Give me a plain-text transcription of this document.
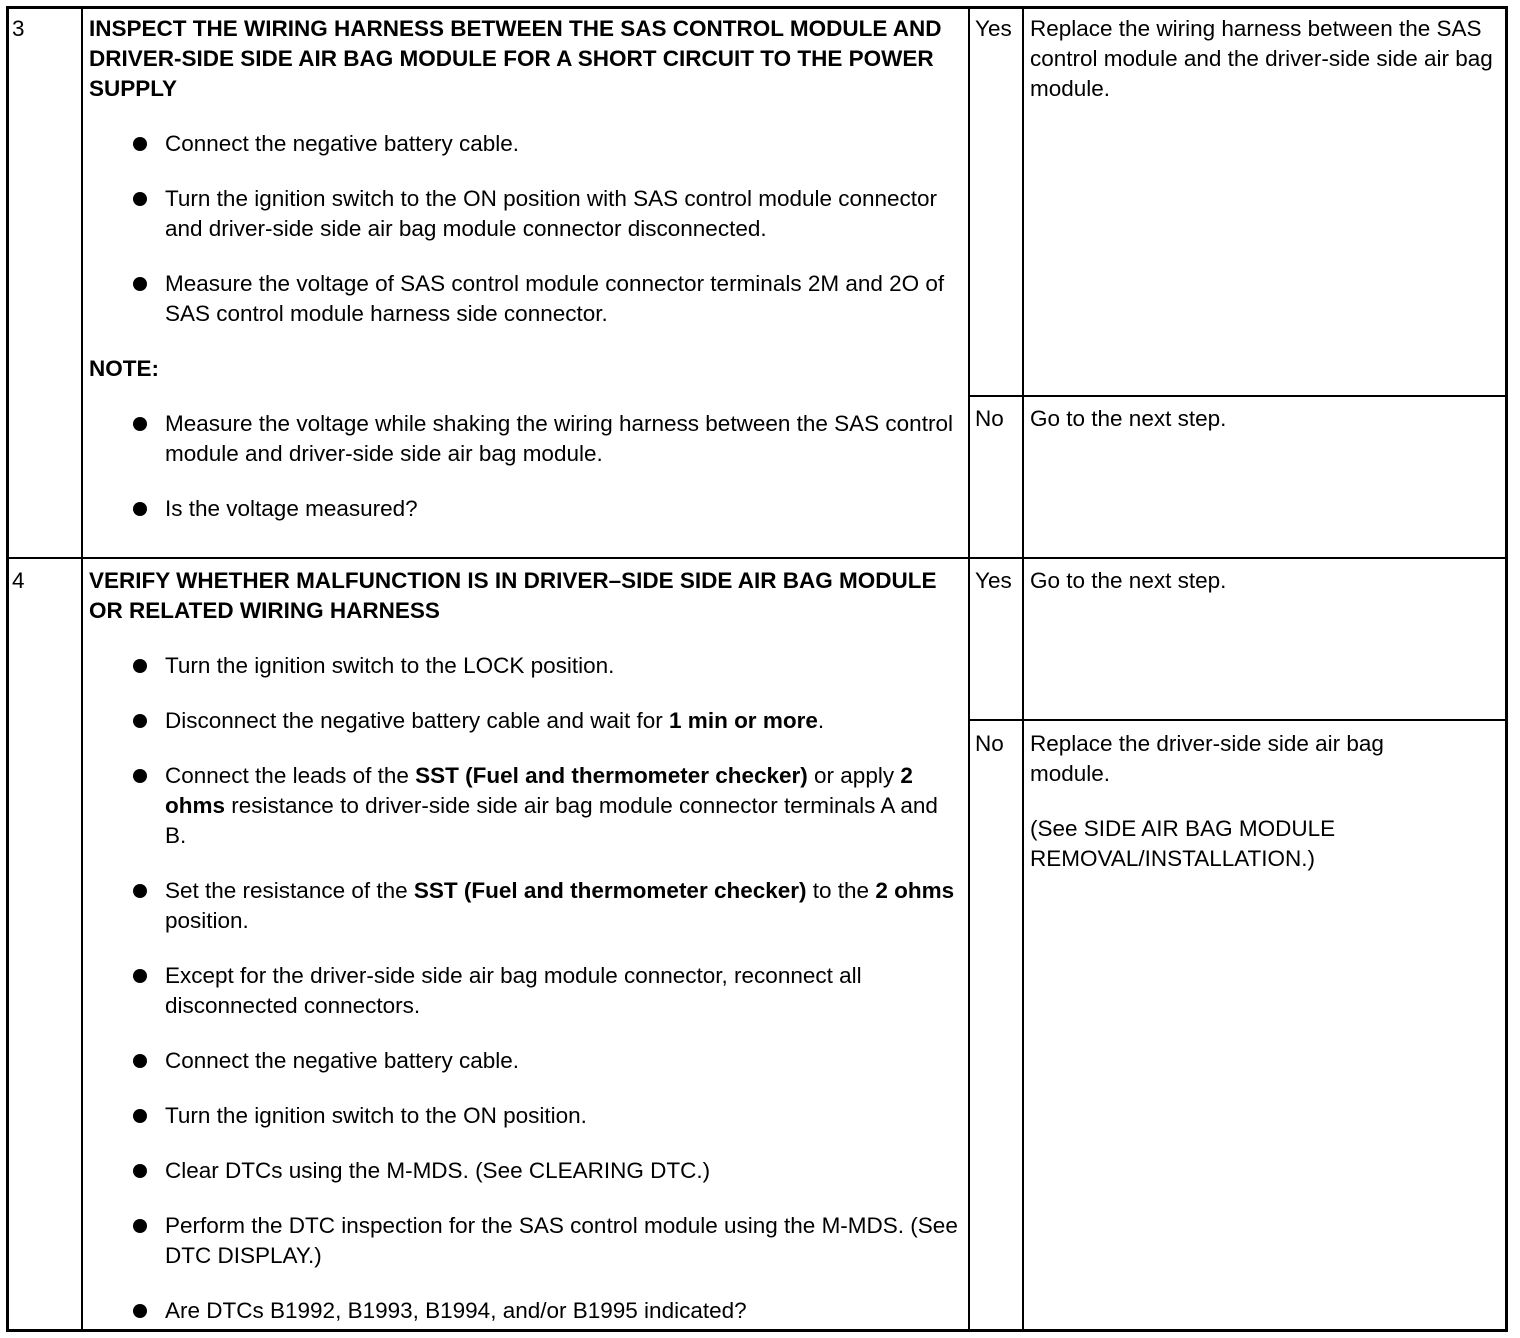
3	INSPECT THE WIRING HARNESS BETWEEN THE SAS CONTROL MODULE AND DRIVER-SIDE SIDE AIR BAG MODULE FOR A SHORT CIRCUIT TO THE POWER SUPPLY
Connect the negative battery cable.
Turn the ignition switch to the ON position with SAS control module connector and driver-side side air bag module connector disconnected.
Measure the voltage of SAS control module connector terminals 2M and 2O of SAS control module harness side connector.
NOTE:
Measure the voltage while shaking the wiring harness between the SAS control module and driver-side side air bag module.
Is the voltage measured?
Yes Replace the wiring harness between the SAS control module and the driver-side side air bag module.

No Go to the next step.

4	VERIFY WHETHER MALFUNCTION IS IN DRIVER–SIDE SIDE AIR BAG MODULE OR RELATED WIRING HARNESS
Turn the ignition switch to the LOCK position.
Disconnect the negative battery cable and wait for 1 min or more.
Connect the leads of the SST (Fuel and thermometer checker) or apply 2 ohms resistance to driver-side side air bag module connector terminals A and B.
Set the resistance of the SST (Fuel and thermometer checker) to the 2 ohms position.
Except for the driver-side side air bag module connector, reconnect all disconnected connectors.
Connect the negative battery cable.
Turn the ignition switch to the ON position.
Clear DTCs using the M-MDS. (See CLEARING DTC.)
Perform the DTC inspection for the SAS control module using the M-MDS. (See DTC DISPLAY.)
Are DTCs B1992, B1993, B1994, and/or B1995 indicated?
Yes Go to the next step.

No Replace the driver-side side air bag module.

(See SIDE AIR BAG MODULE REMOVAL/INSTALLATION.)
